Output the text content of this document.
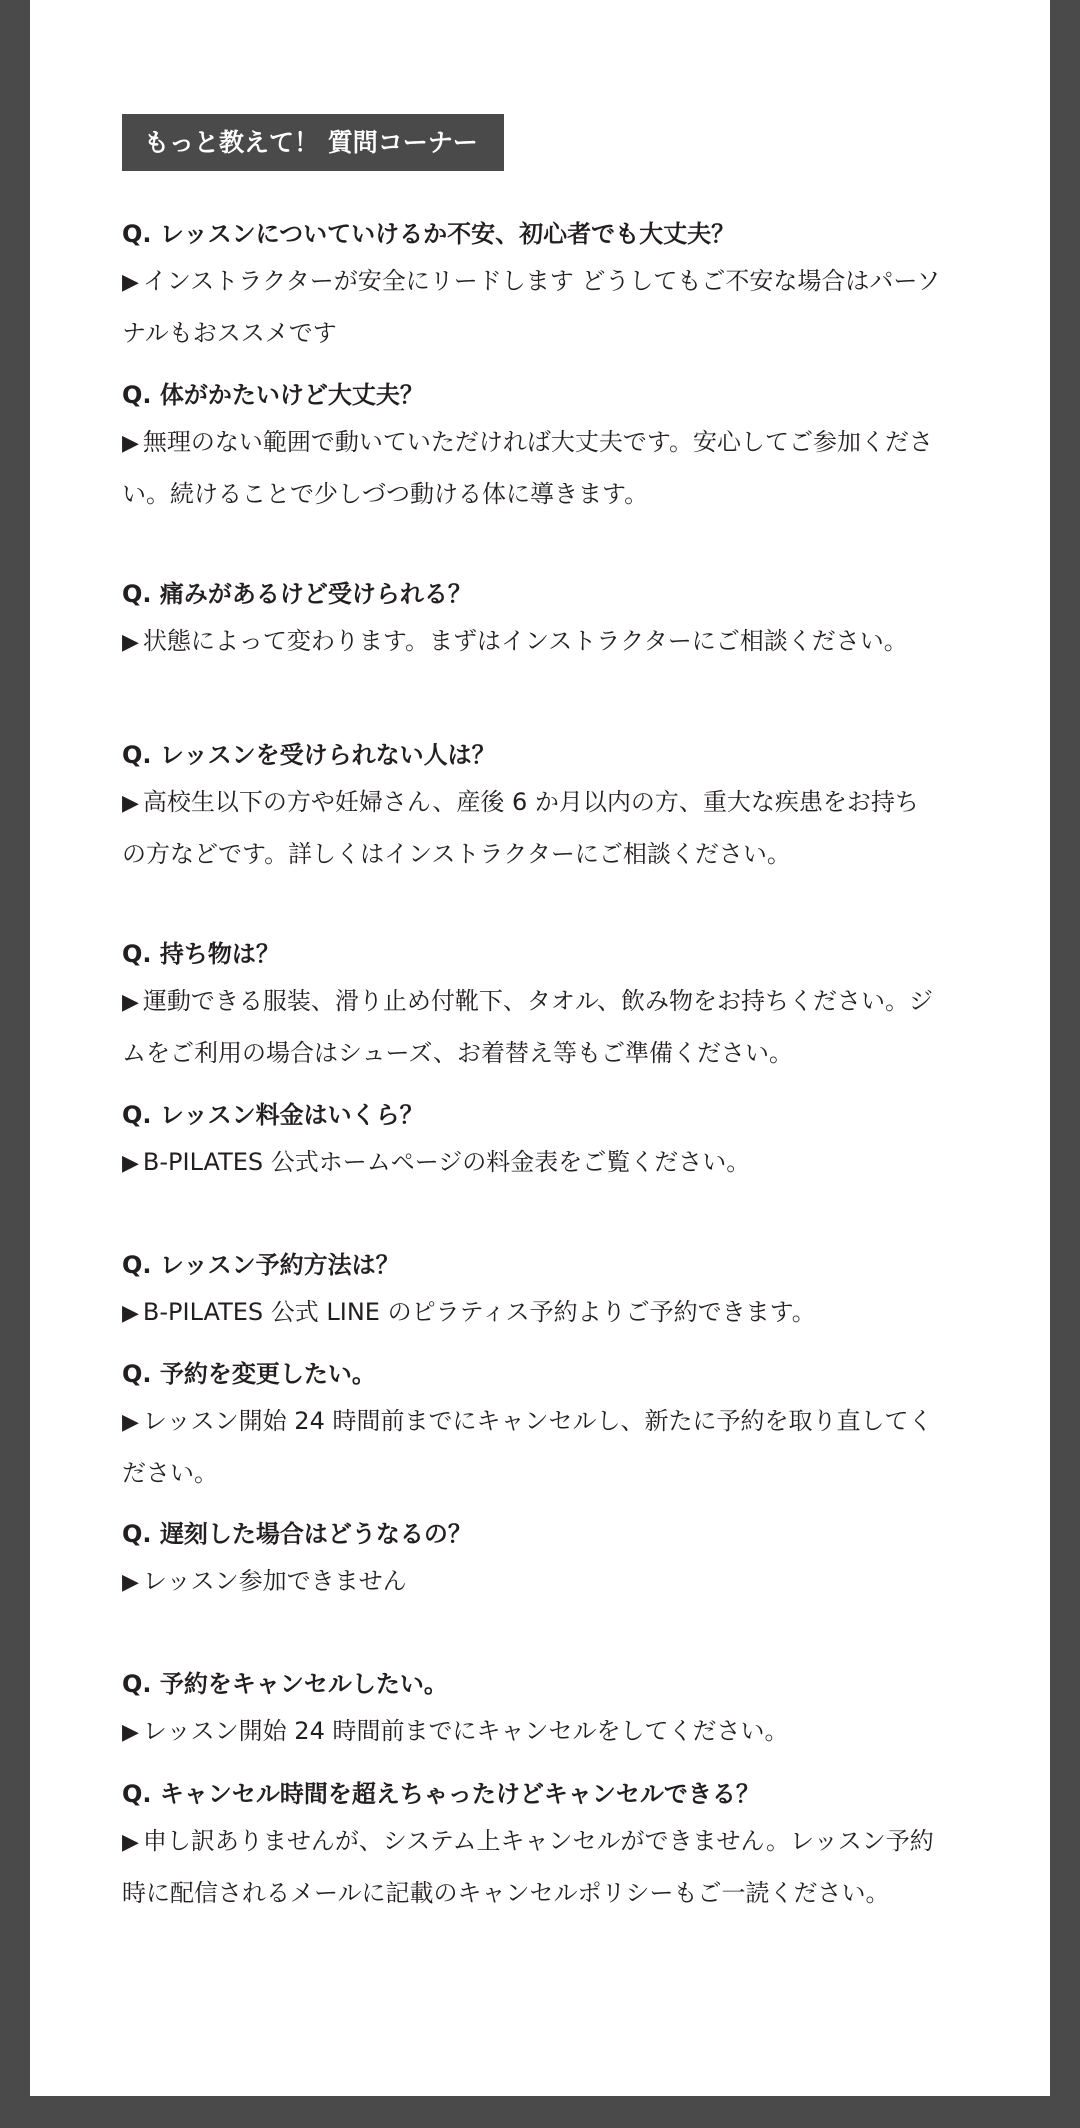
もっと教えて！ 質問コーナー
Q. レッスンについていけるか不安、初心者でも大丈夫？
▶ インストラクターが安全にリードします どうしてもご不安な場合はパーソナルもおススメです
Q. 体がかたいけど大丈夫？
▶ 無理のない範囲で動いていただければ大丈夫です。安心してご参加ください。続けることで少しづつ動ける体に導きます。
Q. 痛みがあるけど受けられる？
▶ 状態によって変わります。まずはインストラクターにご相談ください。
Q. レッスンを受けられない人は？
▶ 高校生以下の方や妊婦さん、産後 6 か月以内の方、重大な疾患をお持ちの方などです。詳しくはインストラクターにご相談ください。
Q. 持ち物は？
▶ 運動できる服装、滑り止め付靴下、タオル、飲み物をお持ちください。ジムをご利用の場合はシューズ、お着替え等もご準備ください。
Q. レッスン料金はいくら？
▶ B-PILATES 公式ホームページの料金表をご覧ください。
Q. レッスン予約方法は？
▶ B-PILATES 公式 LINE のピラティス予約よりご予約できます。
Q. 予約を変更したい。
▶ レッスン開始 24 時間前までにキャンセルし、新たに予約を取り直してください。
Q. 遅刻した場合はどうなるの？
▶ レッスン参加できません
Q. 予約をキャンセルしたい。
▶ レッスン開始 24 時間前までにキャンセルをしてください。
Q. キャンセル時間を超えちゃったけどキャンセルできる？
▶ 申し訳ありませんが、システム上キャンセルができません。レッスン予約時に配信されるメールに記載のキャンセルポリシーもご一読ください。
